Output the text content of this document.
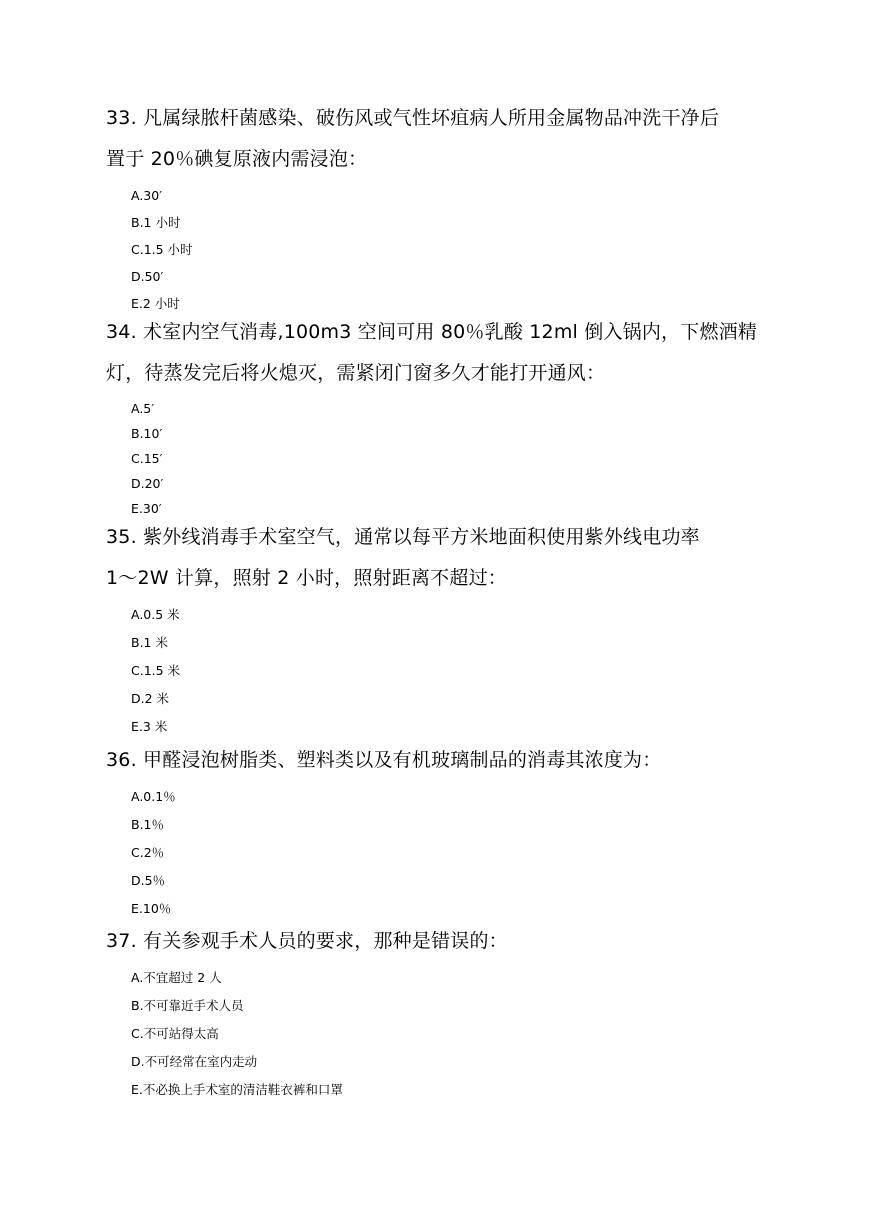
33. 凡属绿脓杆菌感染、破伤风或气性坏疽病人所用金属物品冲洗干净后
置于 20％碘复原液内需浸泡：
A.30′
B.1 小时
C.1.5 小时
D.50′
E.2 小时
34. 术室内空气消毒,100m3 空间可用 80％乳酸 12ml 倒入锅内，下燃酒精
灯，待蒸发完后将火熄灭，需紧闭门窗多久才能打开通风：
A.5′
B.10′
C.15′
D.20′
E.30′
35. 紫外线消毒手术室空气，通常以每平方米地面积使用紫外线电功率
1～2W 计算，照射 2 小时，照射距离不超过：
A.0.5 米
B.1 米
C.1.5 米
D.2 米
E.3 米
36. 甲醛浸泡树脂类、塑料类以及有机玻璃制品的消毒其浓度为：
A.0.1％
B.1％
C.2％
D.5％
E.10％
37. 有关参观手术人员的要求，那种是错误的：
A.不宜超过 2 人
B.不可靠近手术人员
C.不可站得太高
D.不可经常在室内走动
E.不必换上手术室的清洁鞋衣裤和口罩
